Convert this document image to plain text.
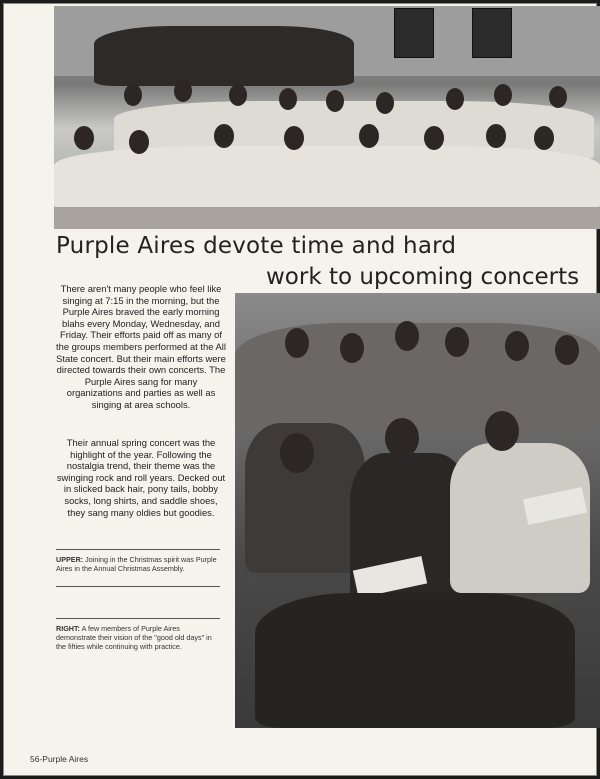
Purple Aires devote time and hard
work to upcoming concerts
There aren't many people who feel like singing at 7:15 in the morning, but the Purple Aires braved the early morning blahs every Monday, Wednesday, and Friday. Their efforts paid off as many of the groups members performed at the All State concert. But their main efforts were directed towards their own concerts. The Purple Aires sang for many organizations and parties as well as singing at area schools.
Their annual spring concert was the highlight of the year. Following the nostalgia trend, their theme was the swinging rock and roll years. Decked out in slicked back hair, pony tails, bobby socks, long shirts, and saddle shoes, they sang many oldies but goodies.
UPPER: Joining in the Christmas spirit was Purple Aires in the Annual Christmas Assembly.
RIGHT: A few members of Purple Aires demonstrate their vision of the "good old days" in the fifties while continuing with practice.
56-Purple Aires
